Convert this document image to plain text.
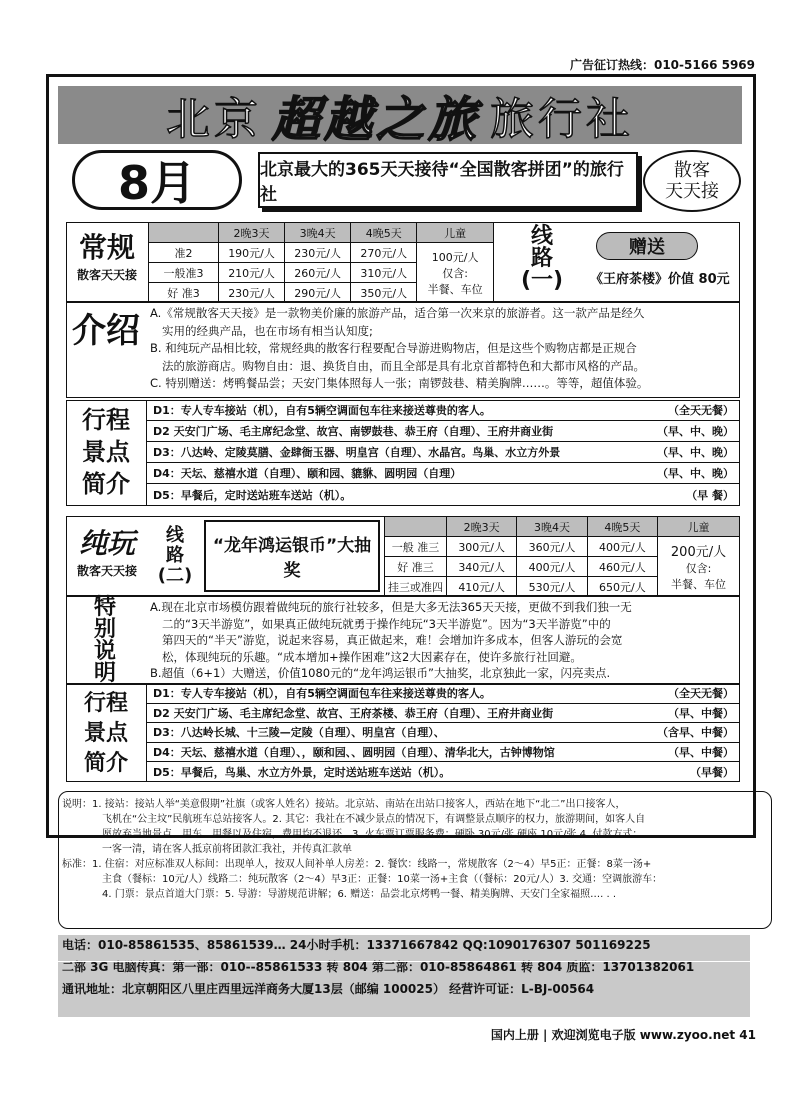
广告征订热线：010-5166 5969
北京 超越之旅 旅行社
8月	北京最大的365天天接待“全国散客拼团”的旅行社
散客
天天接
常规
散客天天接
	2晚3天	3晚4天	4晚5天	儿童
准2	190元/人	230元/人	270元/人	100元/人
仅含:
半餐、车位

一般准3	210元/人	260元/人	310元/人	
好 准3	230元/人	290元/人	350元/人	
线
路
(一)
赠送
《王府茶楼》价值 80元
介绍 A.《常规散客天天接》是一款物美价廉的旅游产品，适合第一次来京的旅游者。这一款产品是经久

实用的经典产品，也在市场有相当认知度;

B. 和纯玩产品相比较，常规经典的散客行程要配合导游进购物店，但是这些个购物店都是正规合

法的旅游商店。购物自由：退、换货自由，而且全部是具有北京首都特色和大都市风格的产品。

C. 特别赠送：烤鸭餐品尝；天安门集体照每人一张；南锣鼓巷、精美胸牌……。等等，超值体验。

行程
景点
简介
D1：专人专车接站（机），自有5辆空调面包车往来接送尊贵的客人。	（全天无餐）
D2 天安门广场、毛主席纪念堂、故宫、南锣鼓巷、恭王府（自理）、王府井商业街	（早、中、晚）
D3：八达岭、定陵莫膳、金肆衙玉器、明皇宫（自理）、水晶宫。鸟巢、水立方外景	（早、中、晚）
D4：天坛、慈禧水道（自理）、颐和园、貔貅、圆明园（自理）	（早、中、晚）
D5：早餐后，定时送站班车送站（机）。	（早 餐）
纯玩
散客天天接
线
路
(二)
“龙年鸿运银币”大抽奖
	2晚3天	3晚4天	4晚5天	儿童
一般 准三	300元/人	360元/人	400元/人	200元/人
仅含:
半餐、车位

好 准三	340元/人	400元/人	460元/人	
挂三或准四	410元/人	530元/人	650元/人	
特
别
说
明

A.现在北京市场模仿跟着做纯玩的旅行社较多，但是大多无法365天天接，更做不到我们独一无

二的“3天半游览”，如果真正做纯玩就勇于操作纯玩“3天半游览”。因为“3天半游览”中的

第四天的“半天”游览，说起来容易，真正做起来，难！会增加许多成本，但客人游玩的会宽

松，体现纯玩的乐趣。“成本增加+操作困难”这2大因素存在，使许多旅行社回避。

B.超值（6+1）大赠送，价值1080元的“龙年鸿运银币”大抽奖，北京独此一家，闪亮卖点.

行程
景点
简介
D1：专人专车接站（机），自有5辆空调面包车往来接送尊贵的客人。	（全天无餐）
D2 天安门广场、毛主席纪念堂、故宫、王府茶楼、恭王府（自理）、王府井商业街	（早、中餐）
D3：八达岭长城、十三陵—定陵（自理）、明皇宫（自理）、	（含早、中餐）
D4：天坛、慈禧水道（自理）、，颐和园、、圆明园（自理）、清华北大，古钟博物馆	（早、中餐）
D5：早餐后，鸟巢、水立方外景，定时送站班车送站（机）。	（早餐）
说明：1. 接站：接站人举“美意假期”社旗（或客人姓名）接站。北京站、南站在出站口接客人，西站在地下“北二”出口接客人，
飞机在“公主坟”民航班车总站接客人。2. 其它：我社在不减少景点的情况下，有调整景点顺序的权力，旅游期间，如客人自
愿放弃当地景点、用车、用餐以及住宿，费用均不退还。3. 火车票订票服务费：硬卧 30元/张 硬座 10元/张 4. 付款方式：
一客一清，请在客人抵京前将团款汇我社，并传真汇款单
标准：1. 住宿：对应标准双人标间：出现单人，按双人间补单人房差：2. 餐饮：线路一，常规散客（2～4）早5正：正餐：8菜一汤+
主食（餐标：10元/人）线路二：纯玩散客（2～4）早3正：正餐：10菜一汤+主食（（餐标：20元/人）3. 交通：空调旅游车：
4. 门票：景点首道大门票：5. 导游：导游规范讲解；6. 赠送：品尝北京烤鸭一餐、精美胸牌、天安门全家福照…. . .
电话：010-85861535、85861539… 24小时手机：13371667842 QQ:1090176307 501169225
二部 3G 电脑传真：第一部：010--85861533 转 804 第二部：010-85864861 转 804 质监：13701382061
通讯地址：北京朝阳区八里庄西里远洋商务大厦13层（邮编 100025） 经营许可证：L-BJ-00564
国内上册 | 欢迎浏览电子版 www.zyoo.net 41
